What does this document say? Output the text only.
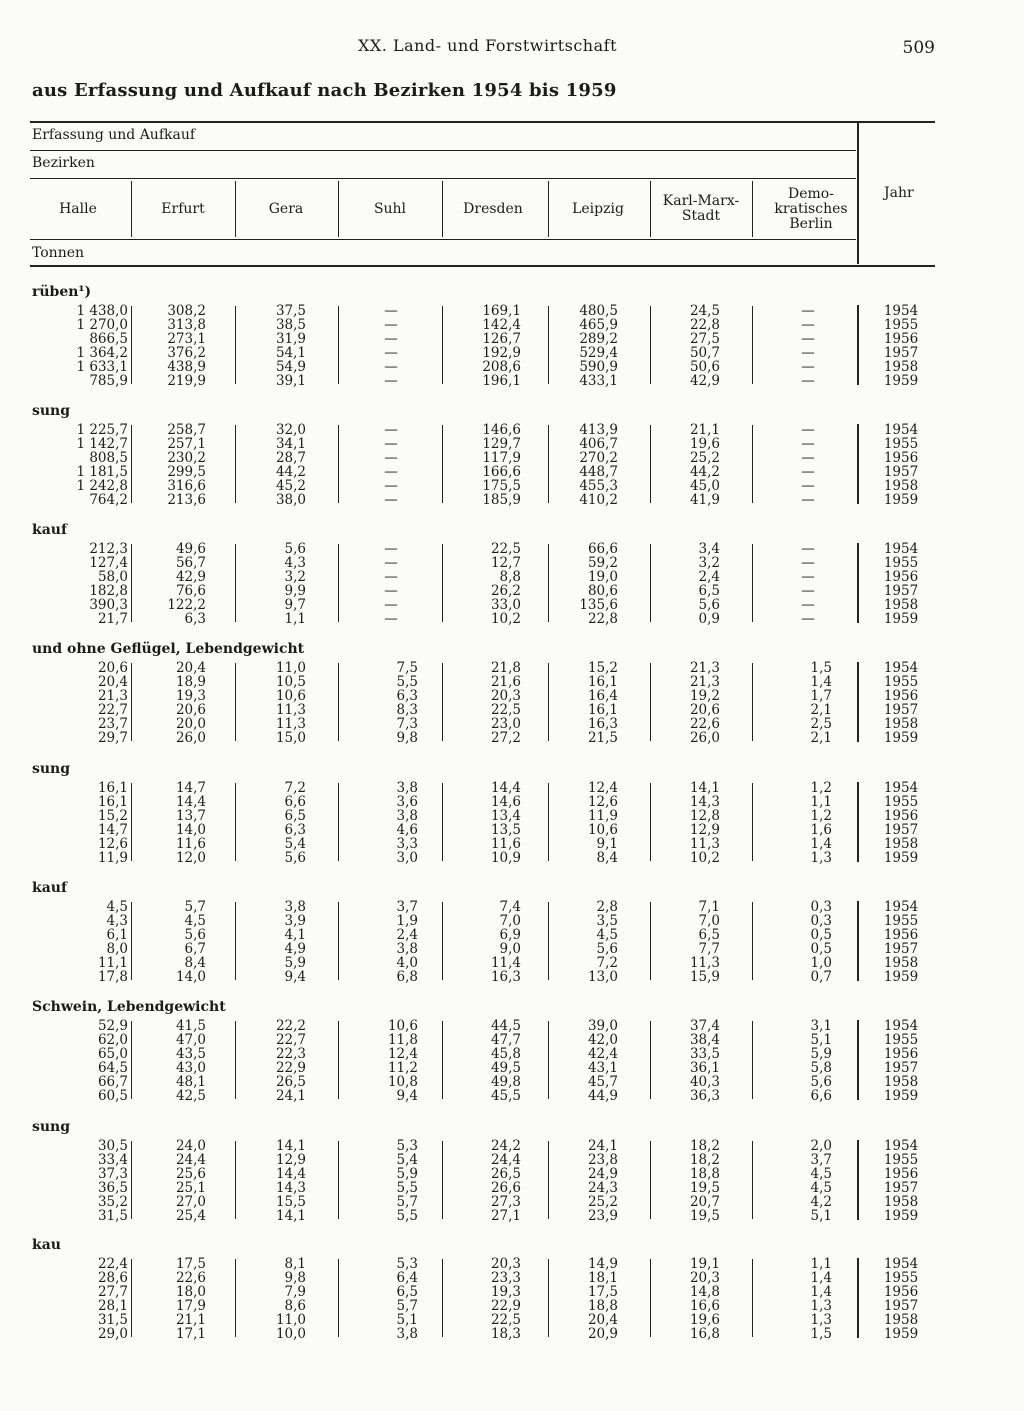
XX. Land- und Forstwirtschaft	509
aus Erfassung und Aufkauf nach Bezirken 1954 bis 1959
Erfassung und Aufkauf
Bezirken
Tonnen
Jahr
Halle	Erfurt	Gera	Suhl	Dresden	Leipzig	Karl-Marx-
Stadt
Demo-
kratisches
Berlin
rüben¹)
1 438,0	308,2	37,5	—	169,1	480,5	24,5	—	1954
1 270,0	313,8	38,5	—	142,4	465,9	22,8	—	1955
866,5	273,1	31,9	—	126,7	289,2	27,5	—	1956
1 364,2	376,2	54,1	—	192,9	529,4	50,7	—	1957
1 633,1	438,9	54,9	—	208,6	590,9	50,6	—	1958
785,9	219,9	39,1	—	196,1	433,1	42,9	—	1959
sung
1 225,7	258,7	32,0	—	146,6	413,9	21,1	—	1954
1 142,7	257,1	34,1	—	129,7	406,7	19,6	—	1955
808,5	230,2	28,7	—	117,9	270,2	25,2	—	1956
1 181,5	299,5	44,2	—	166,6	448,7	44,2	—	1957
1 242,8	316,6	45,2	—	175,5	455,3	45,0	—	1958
764,2	213,6	38,0	—	185,9	410,2	41,9	—	1959
kauf
212,3	49,6	5,6	—	22,5	66,6	3,4	—	1954
127,4	56,7	4,3	—	12,7	59,2	3,2	—	1955
58,0	42,9	3,2	—	8,8	19,0	2,4	—	1956
182,8	76,6	9,9	—	26,2	80,6	6,5	—	1957
390,3	122,2	9,7	—	33,0	135,6	5,6	—	1958
21,7	6,3	1,1	—	10,2	22,8	0,9	—	1959
und ohne Geflügel, Lebendgewicht
20,6	20,4	11,0	7,5	21,8	15,2	21,3	1,5	1954
20,4	18,9	10,5	5,5	21,6	16,1	21,3	1,4	1955
21,3	19,3	10,6	6,3	20,3	16,4	19,2	1,7	1956
22,7	20,6	11,3	8,3	22,5	16,1	20,6	2,1	1957
23,7	20,0	11,3	7,3	23,0	16,3	22,6	2,5	1958
29,7	26,0	15,0	9,8	27,2	21,5	26,0	2,1	1959
sung
16,1	14,7	7,2	3,8	14,4	12,4	14,1	1,2	1954
16,1	14,4	6,6	3,6	14,6	12,6	14,3	1,1	1955
15,2	13,7	6,5	3,8	13,4	11,9	12,8	1,2	1956
14,7	14,0	6,3	4,6	13,5	10,6	12,9	1,6	1957
12,6	11,6	5,4	3,3	11,6	9,1	11,3	1,4	1958
11,9	12,0	5,6	3,0	10,9	8,4	10,2	1,3	1959
kauf
4,5	5,7	3,8	3,7	7,4	2,8	7,1	0,3	1954
4,3	4,5	3,9	1,9	7,0	3,5	7,0	0,3	1955
6,1	5,6	4,1	2,4	6,9	4,5	6,5	0,5	1956
8,0	6,7	4,9	3,8	9,0	5,6	7,7	0,5	1957
11,1	8,4	5,9	4,0	11,4	7,2	11,3	1,0	1958
17,8	14,0	9,4	6,8	16,3	13,0	15,9	0,7	1959
Schwein, Lebendgewicht
52,9	41,5	22,2	10,6	44,5	39,0	37,4	3,1	1954
62,0	47,0	22,7	11,8	47,7	42,0	38,4	5,1	1955
65,0	43,5	22,3	12,4	45,8	42,4	33,5	5,9	1956
64,5	43,0	22,9	11,2	49,5	43,1	36,1	5,8	1957
66,7	48,1	26,5	10,8	49,8	45,7	40,3	5,6	1958
60,5	42,5	24,1	9,4	45,5	44,9	36,3	6,6	1959
sung
30,5	24,0	14,1	5,3	24,2	24,1	18,2	2,0	1954
33,4	24,4	12,9	5,4	24,4	23,8	18,2	3,7	1955
37,3	25,6	14,4	5,9	26,5	24,9	18,8	4,5	1956
36,5	25,1	14,3	5,5	26,6	24,3	19,5	4,5	1957
35,2	27,0	15,5	5,7	27,3	25,2	20,7	4,2	1958
31,5	25,4	14,1	5,5	27,1	23,9	19,5	5,1	1959
kau
22,4	17,5	8,1	5,3	20,3	14,9	19,1	1,1	1954
28,6	22,6	9,8	6,4	23,3	18,1	20,3	1,4	1955
27,7	18,0	7,9	6,5	19,3	17,5	14,8	1,4	1956
28,1	17,9	8,6	5,7	22,9	18,8	16,6	1,3	1957
31,5	21,1	11,0	5,1	22,5	20,4	19,6	1,3	1958
29,0	17,1	10,0	3,8	18,3	20,9	16,8	1,5	1959
